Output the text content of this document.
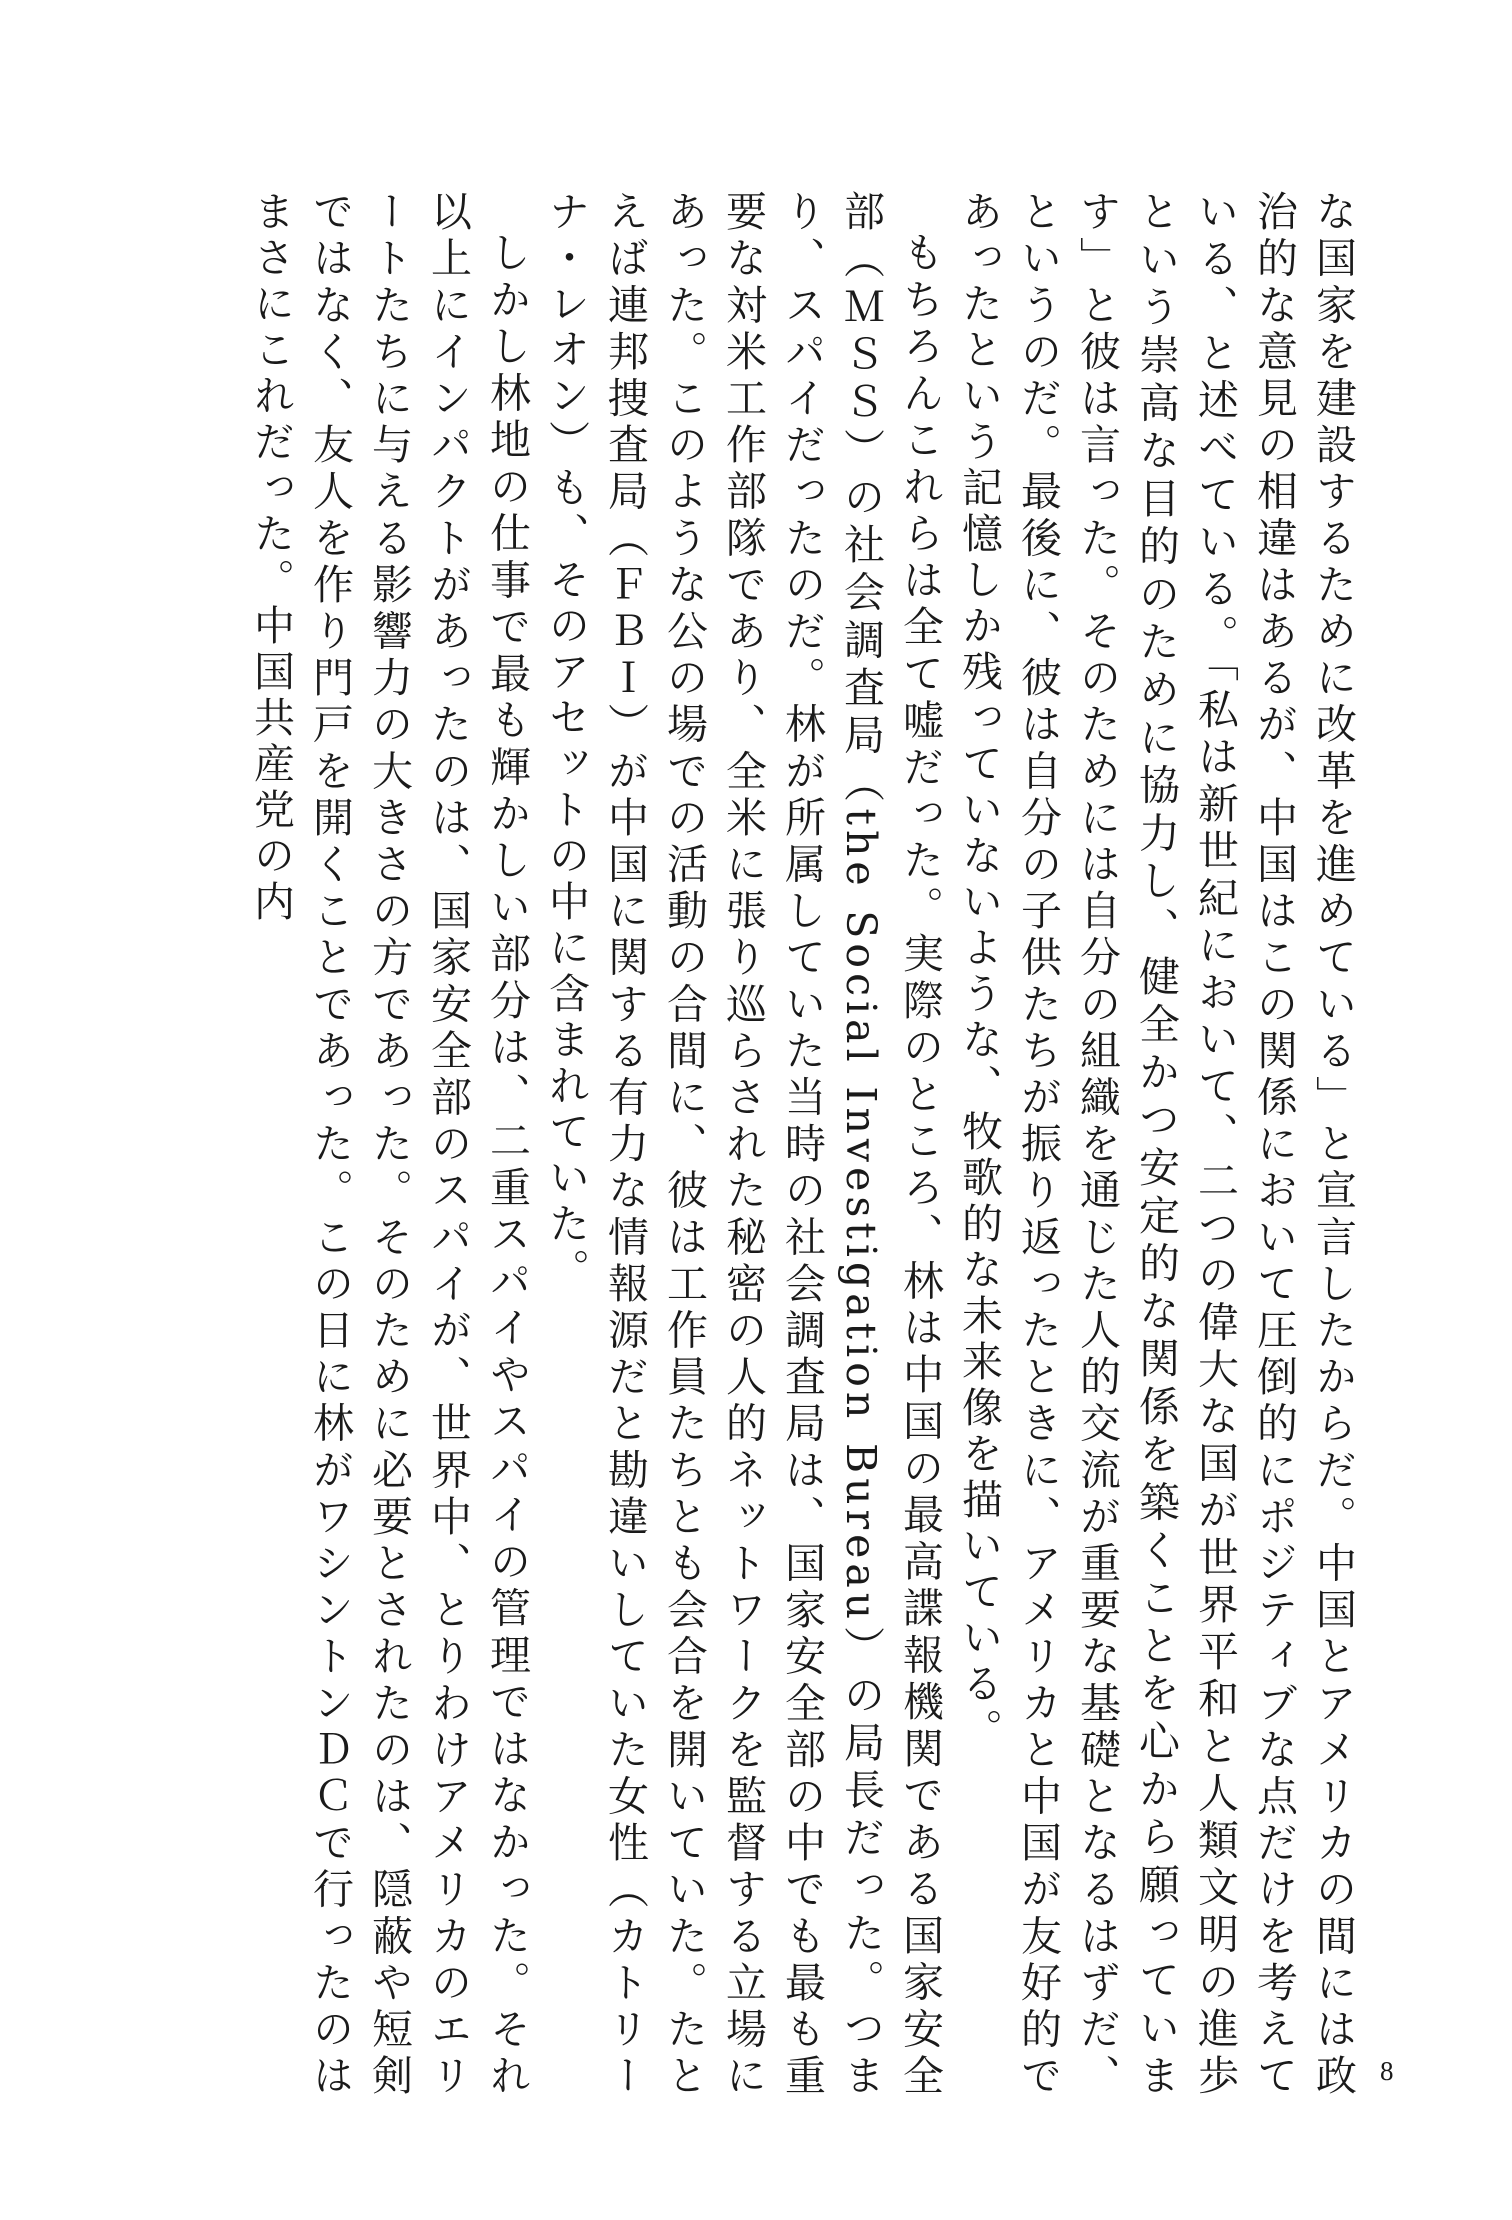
な国家を建設するために改革を進めている」と宣言したからだ。中国とアメリカの間には政治的な意見の相違はあるが、中国はこの関係において圧倒的にポジティブな点だけを考えている、と述べている。「私は新世紀において、二つの偉大な国が世界平和と人類文明の進歩という崇高な目的のために協力し、健全かつ安定的な関係を築くことを心から願っています」と彼は言った。そのためには自分の組織を通じた人的交流が重要な基礎となるはずだ、というのだ。最後に、彼は自分の子供たちが振り返ったときに、アメリカと中国が友好的であったという記憶しか残っていないような、牧歌的な未来像を描いている。

もちろんこれらは全て嘘だった。実際のところ、林は中国の最高諜報機関である国家安全部（ＭＳＳ）の社会調査局（the Social Investigation Bureau）の局長だった。つまり、スパイだったのだ。林が所属していた当時の社会調査局は、国家安全部の中でも最も重要な対米工作部隊であり、全米に張り巡らされた秘密の人的ネットワークを監督する立場にあった。このような公の場での活動の合間に、彼は工作員たちとも会合を開いていた。たとえば連邦捜査局（ＦＢＩ）が中国に関する有力な情報源だと勘違いしていた女性（カトリーナ・レオン）も、そのアセットの中に含まれていた。

しかし林地の仕事で最も輝かしい部分は、二重スパイやスパイの管理ではなかった。それ以上にインパクトがあったのは、国家安全部のスパイが、世界中、とりわけアメリカのエリートたちに与える影響力の大きさの方であった。そのために必要とされたのは、隠蔽や短剣ではなく、友人を作り門戸を開くことであった。この日に林がワシントンＤＣで行ったのはまさにこれだった。中国共産党の内

8
